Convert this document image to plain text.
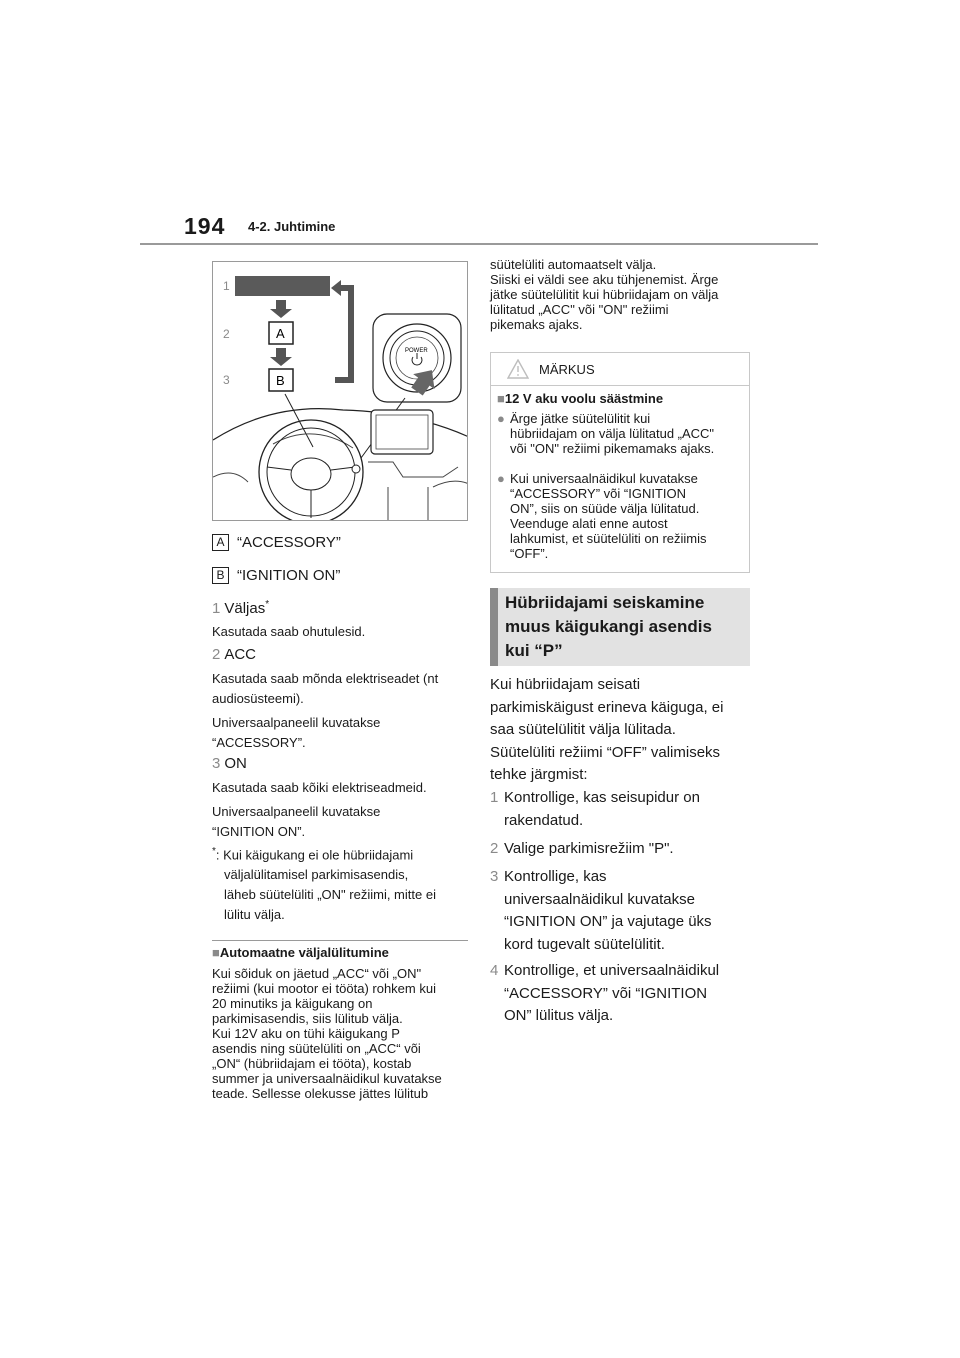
194 4-2. Juhtimine
1
2	A
3	B
POWER
A “ACCESSORY”
B “IGNITION ON”
1 Väljas*
Kasutada saab ohutulesid.
2 ACC
Kasutada saab mõnda elektriseadet (nt
audiosüsteemi).
Universaalpaneelil kuvatakse
“ACCESSORY”.
3 ON
Kasutada saab kõiki elektriseadmeid.
Universaalpaneelil kuvatakse
“IGNITION ON”.
*: Kui käigukang ei ole hübriidajami
väljalülitamisel parkimisasendis,
läheb süütelüliti „ON" režiimi, mitte ei
lülitu välja.
■Automaatne väljalülitumine
Kui sõiduk on jäetud „ACC“ või „ON"
režiimi (kui mootor ei tööta) rohkem kui
20 minutiks ja käigukang on
parkimisasendis, siis lülitub välja.
Kui 12V aku on tühi käigukang P
asendis ning süütelüliti on „ACC“ või
„ON“ (hübriidajam ei tööta), kostab
summer ja universaalnäidikul kuvatakse
teade. Sellesse olekusse jättes lülitub
süütelüliti automaatselt välja.
Siiski ei väldi see aku tühjenemist. Ärge
jätke süütelülitit kui hübriidajam on välja
lülitatud „ACC" või "ON" režiimi
pikemaks ajaks.
MÄRKUS
■12 V aku voolu säästmine
● Ärge jätke süütelülitit kui
hübriidajam on välja lülitatud „ACC"
või "ON" režiimi pikemamaks ajaks.
● Kui universaalnäidikul kuvatakse
“ACCESSORY” või “IGNITION
ON”, siis on süüde välja lülitatud.
Veenduge alati enne autost
lahkumist, et süütelüliti on režiimis
“OFF”.
Hübriidajami seiskamine
muus käigukangi asendis
kui “P”
Kui hübriidajam seisati
parkimiskäigust erineva käiguga, ei
saa süütelülitit välja lülitada.
Süütelüliti režiimi “OFF” valimiseks
tehke järgmist:
1 Kontrollige, kas seisupidur on
rakendatud.
2 Valige parkimisrežiim "P".
3 Kontrollige, kas
universaalnäidikul kuvatakse
“IGNITION ON” ja vajutage üks
kord tugevalt süütelülitit.
4 Kontrollige, et universaalnäidikul
“ACCESSORY” või “IGNITION
ON” lülitus välja.
